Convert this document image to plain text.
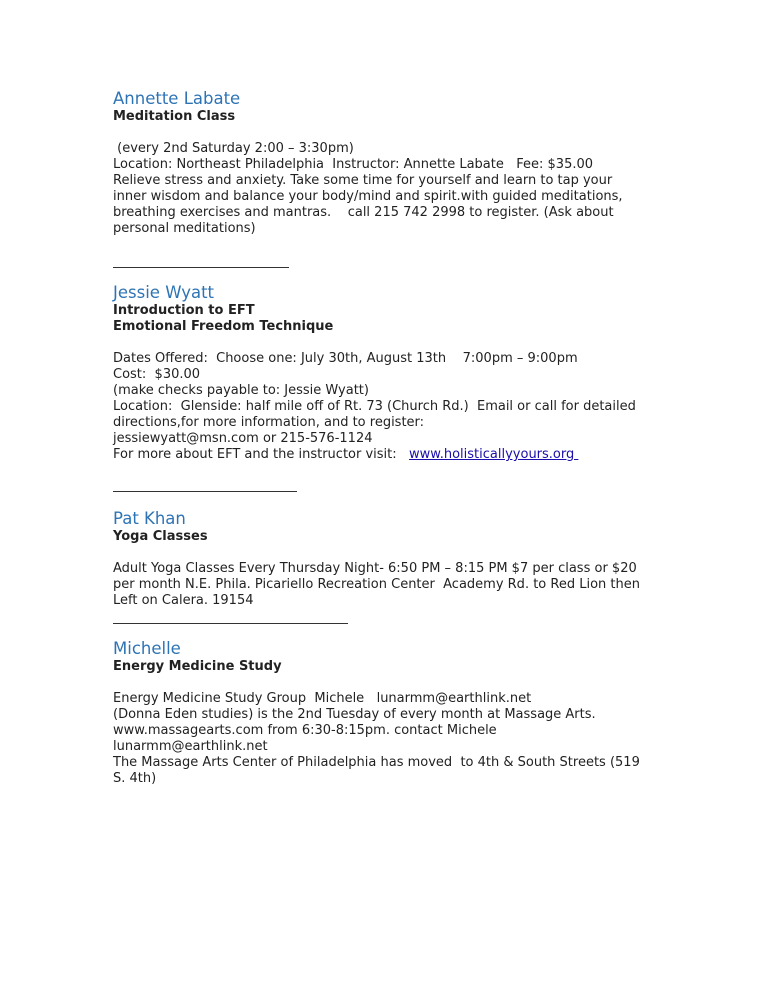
Annette Labate
Meditation Class
(every 2nd Saturday 2:00 – 3:30pm)
Location: Northeast Philadelphia  Instructor: Annette Labate   Fee: $35.00
Relieve stress and anxiety. Take some time for yourself and learn to tap your
inner wisdom and balance your body/mind and spirit.with guided meditations,
breathing exercises and mantras.    call 215 742 2998 to register. (Ask about
personal meditations)
Jessie Wyatt
Introduction to EFT
Emotional Freedom Technique
Dates Offered:  Choose one: July 30th, August 13th    7:00pm – 9:00pm
Cost:  $30.00
(make checks payable to: Jessie Wyatt)
Location:  Glenside: half mile off of Rt. 73 (Church Rd.)  Email or call for detailed
directions,for more information, and to register:
jessiewyatt@msn.com or 215-576-1124
For more about EFT and the instructor visit:   www.holisticallyyours.org
Pat Khan
Yoga Classes
Adult Yoga Classes Every Thursday Night- 6:50 PM – 8:15 PM $7 per class or $20
per month N.E. Phila. Picariello Recreation Center  Academy Rd. to Red Lion then
Left on Calera. 19154
Michelle
Energy Medicine Study
Energy Medicine Study Group  Michele   lunarmm@earthlink.net
(Donna Eden studies) is the 2nd Tuesday of every month at Massage Arts.
www.massagearts.com from 6:30-8:15pm. contact Michele
lunarmm@earthlink.net
The Massage Arts Center of Philadelphia has moved  to 4th & South Streets (519
S. 4th)
